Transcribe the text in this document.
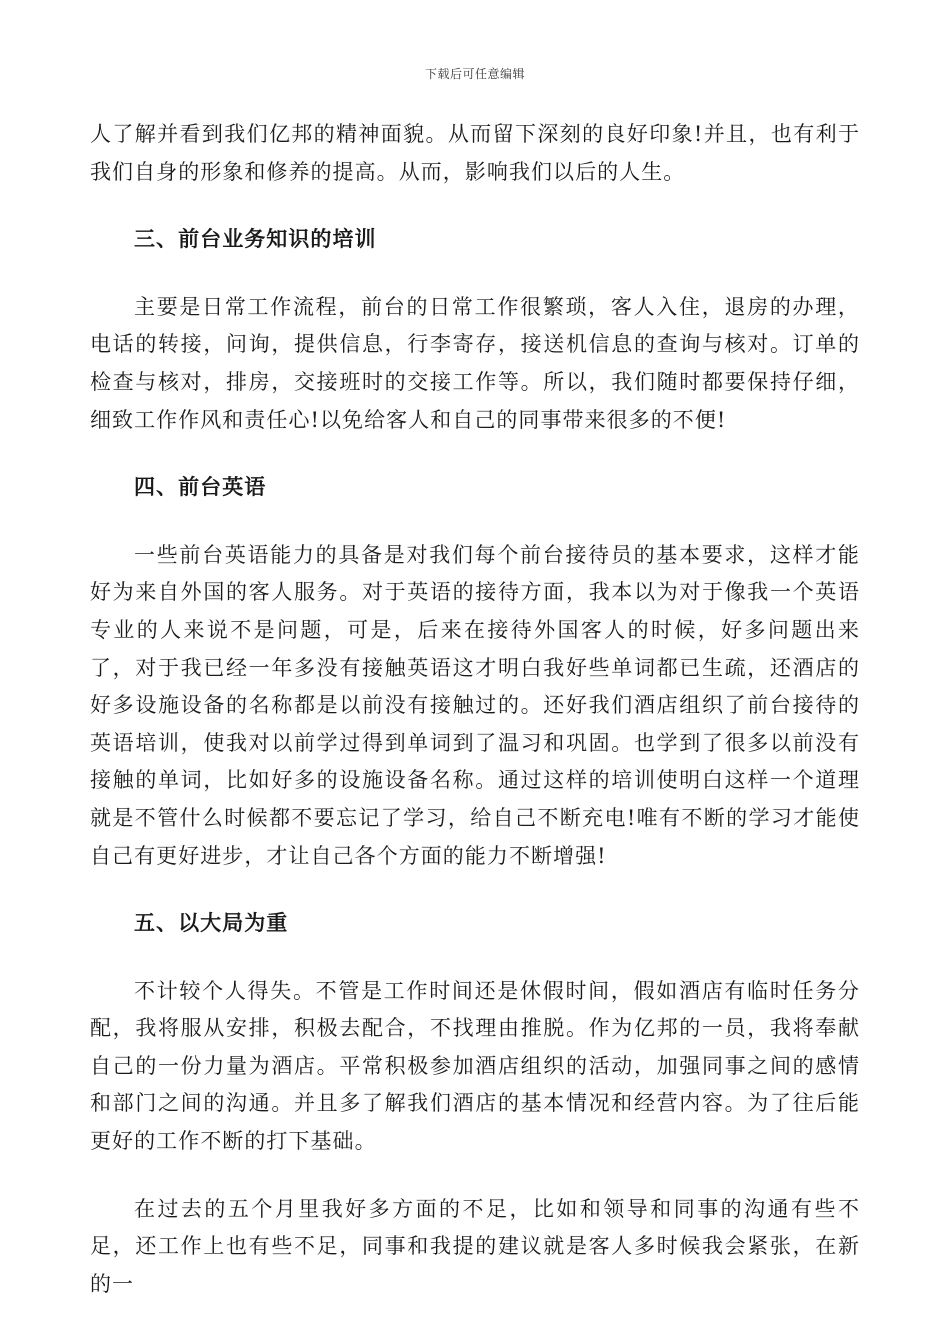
下载后可任意编辑

人了解并看到我们亿邦的精神面貌。从而留下深刻的良好印象!并且，也有利于我们自身的形象和修养的提高。从而，影响我们以后的人生。

三、前台业务知识的培训

主要是日常工作流程，前台的日常工作很繁琐，客人入住，退房的办理，电话的转接，问询，提供信息，行李寄存，接送机信息的查询与核对。订单的检查与核对，排房，交接班时的交接工作等。所以，我们随时都要保持仔细，细致工作作风和责任心!以免给客人和自己的同事带来很多的不便!

四、前台英语

一些前台英语能力的具备是对我们每个前台接待员的基本要求，这样才能好为来自外国的客人服务。对于英语的接待方面，我本以为对于像我一个英语专业的人来说不是问题，可是，后来在接待外国客人的时候，好多问题出来了，对于我已经一年多没有接触英语这才明白我好些单词都已生疏，还酒店的好多设施设备的名称都是以前没有接触过的。还好我们酒店组织了前台接待的英语培训，使我对以前学过得到单词到了温习和巩固。也学到了很多以前没有接触的单词，比如好多的设施设备名称。通过这样的培训使明白这样一个道理就是不管什么时候都不要忘记了学习，给自己不断充电!唯有不断的学习才能使自己有更好进步，才让自己各个方面的能力不断增强!

五、以大局为重

不计较个人得失。不管是工作时间还是休假时间，假如酒店有临时任务分配，我将服从安排，积极去配合，不找理由推脱。作为亿邦的一员，我将奉献自己的一份力量为酒店。平常积极参加酒店组织的活动，加强同事之间的感情和部门之间的沟通。并且多了解我们酒店的基本情况和经营内容。为了往后能更好的工作不断的打下基础。

在过去的五个月里我好多方面的不足，比如和领导和同事的沟通有些不足，还工作上也有些不足，同事和我提的建议就是客人多时候我会紧张，在新的一
